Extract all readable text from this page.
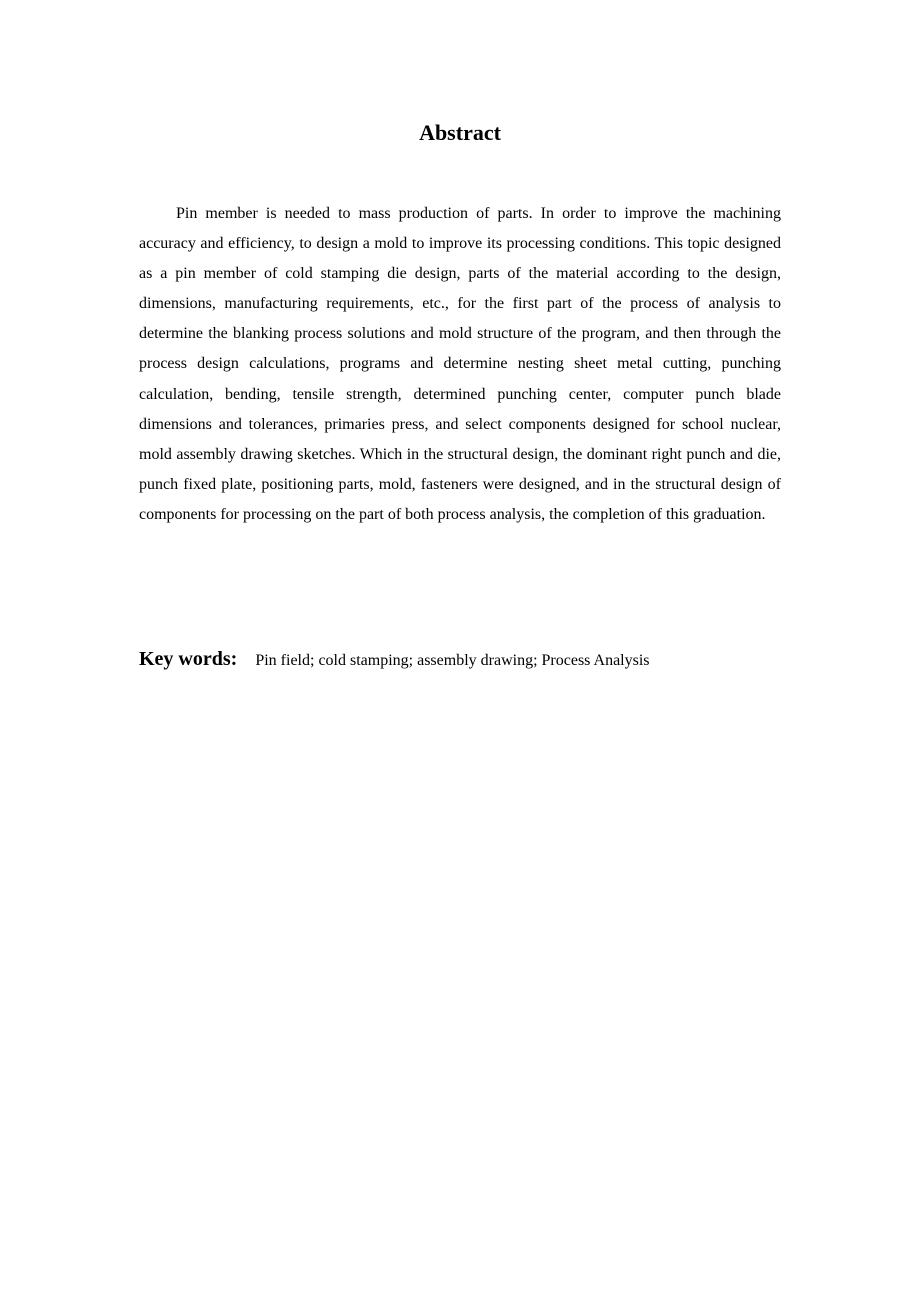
Abstract

Pin member is needed to mass production of parts. In order to improve the machining accuracy and efficiency, to design a mold to improve its processing conditions. This topic designed as a pin member of cold stamping die design, parts of the material according to the design, dimensions, manufacturing requirements, etc., for the first part of the process of analysis to determine the blanking process solutions and mold structure of the program, and then through the process design calculations, programs and determine nesting sheet metal cutting, punching calculation, bending, tensile strength, determined punching center, computer punch blade dimensions and tolerances, primaries press, and select components designed for school nuclear, mold assembly drawing sketches. Which in the structural design, the dominant right punch and die, punch fixed plate, positioning parts, mold, fasteners were designed, and in the structural design of components for processing on the part of both process analysis, the completion of this graduation.

Key words: Pin field; cold stamping; assembly drawing; Process Analysis
